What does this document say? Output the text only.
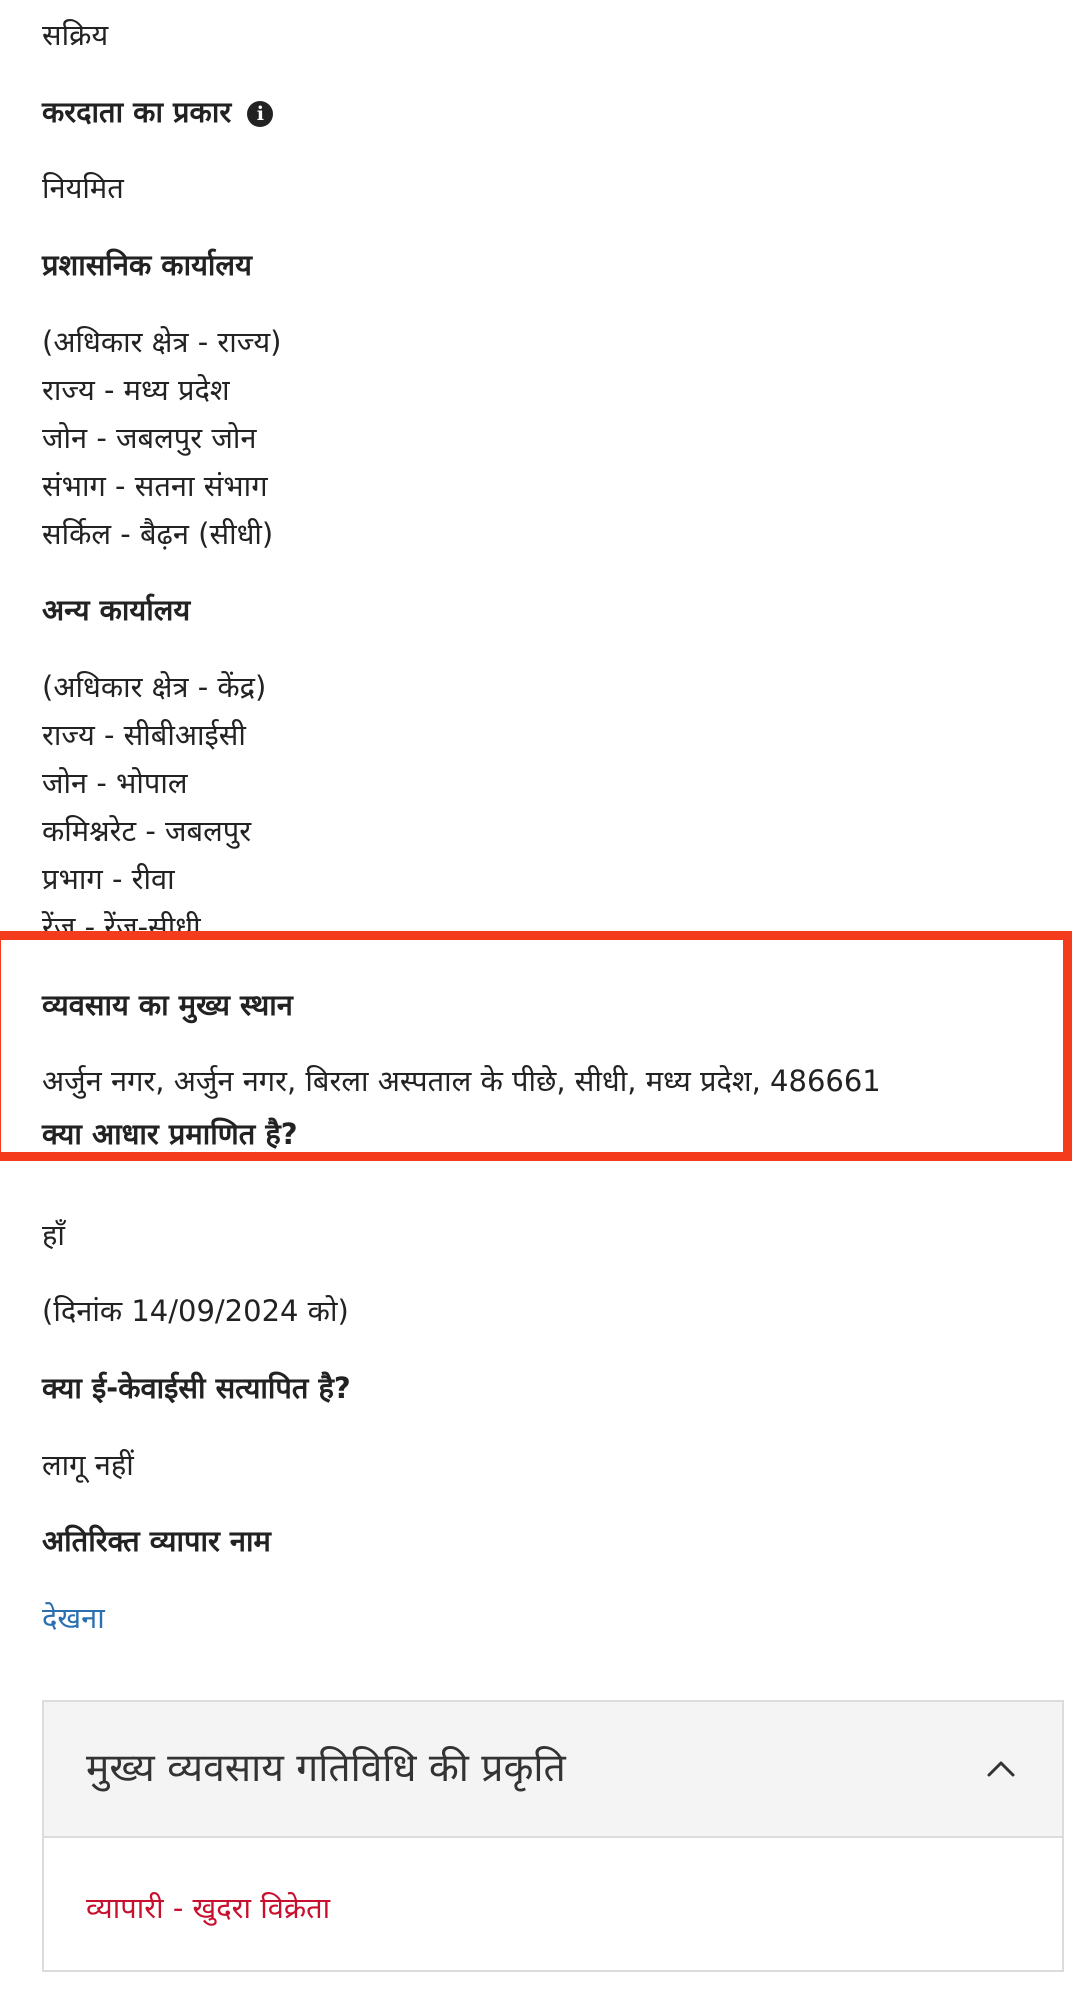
सक्रिय

करदाता का प्रकार i

नियमित

प्रशासनिक कार्यालय

(अधिकार क्षेत्र - राज्य)

राज्य - मध्य प्रदेश

जोन - जबलपुर जोन

संभाग - सतना संभाग

सर्किल - बैढ़न (सीधी)

अन्य कार्यालय

(अधिकार क्षेत्र - केंद्र)

राज्य - सीबीआईसी

जोन - भोपाल

कमिश्नरेट - जबलपुर

प्रभाग - रीवा

रेंज - रेंज-सीधी

क्या आधार प्रमाणित है?

व्यवसाय का मुख्य स्थान

अर्जुन नगर, अर्जुन नगर, बिरला अस्पताल के पीछे, सीधी, मध्य प्रदेश, 486661

हाँ

(दिनांक 14/09/2024 को)

क्या ई-केवाईसी सत्यापित है?

लागू नहीं

अतिरिक्त व्यापार नाम

देखना

मुख्य व्यवसाय गतिविधि की प्रकृति
व्यापारी - खुदरा विक्रेता
